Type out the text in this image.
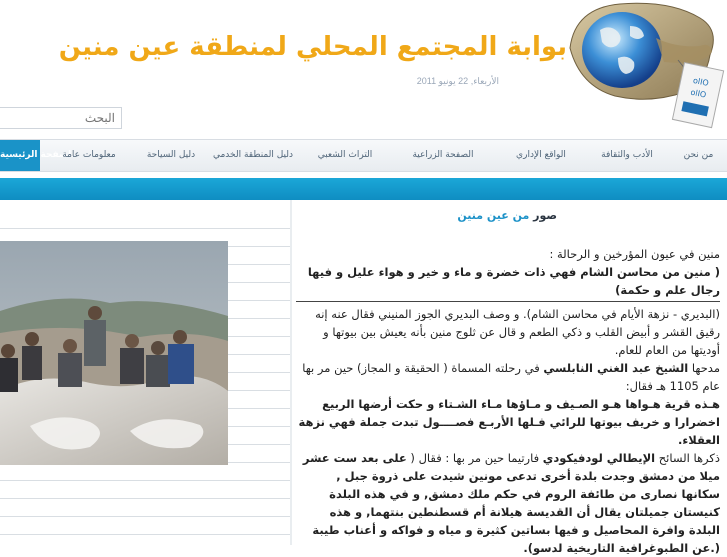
بوابة المجتمع المحلي لمنطقة عين منين
الأربعاء, 22 يونيو 2011	olIO
olIO
البحث
الصفحة الرئيسية
معلومات عامة	دليل السياحة	دليل المنطقة الخدمي	التراث الشعبي	الصفحة الزراعية	الواقع الإداري	الأدب والثقافة	من نحن
صور من عين منين

منين في عيون المؤرخين و الرحالة :

( منين من محاسن الشام فهي ذات خضرة و ماء و خير و هواء عليل و فيها رجال علم و حكمة)

(البديري - نزهة الأيام في محاسن الشام). و وصف البديري الجوز المنيني فقال عنه إنه رقيق القشر و أبيض القلب و ذكي الطعم و قال عن ثلوج منين بأنه يعيش بين بيوتها و أوديتها من العام للعام.

مدحها الشيخ عبد الغني النابلسي في رحلته المسماة ( الحقيقة و المجاز) حين مر بها عام 1105 هـ فقال:

هـذه قرية هـواها هـو الصـيف و مـاؤها مـاء الشـتاء و حكت أرضها الربيع اخضرارا و خريف بيوتها للرائي فـلها الأربـع فصــــول تبدت جملة فهي نزهة العقلاء.

ذكرها السائح الإيطالي لودفيكودي فارتيما حين مر بها : فقال ( على بعد ست عشر ميلا من دمشق وجدت بلدة أخرى تدعى مونين شيدت على ذروة جبل , سكانها نصارى من طائفة الروم في حكم ملك دمشق, و في هذه البلدة كنيستان جميلتان يقال أن القديسة هيلانة أم قسطنطين بنتهما, و هذه البلدة وافرة المحاصيل و فيها بساتين كثيرة و مياه و فواكه و أعناب طيبة

(.عن الطبوغرافية التاريخية لدسو).
